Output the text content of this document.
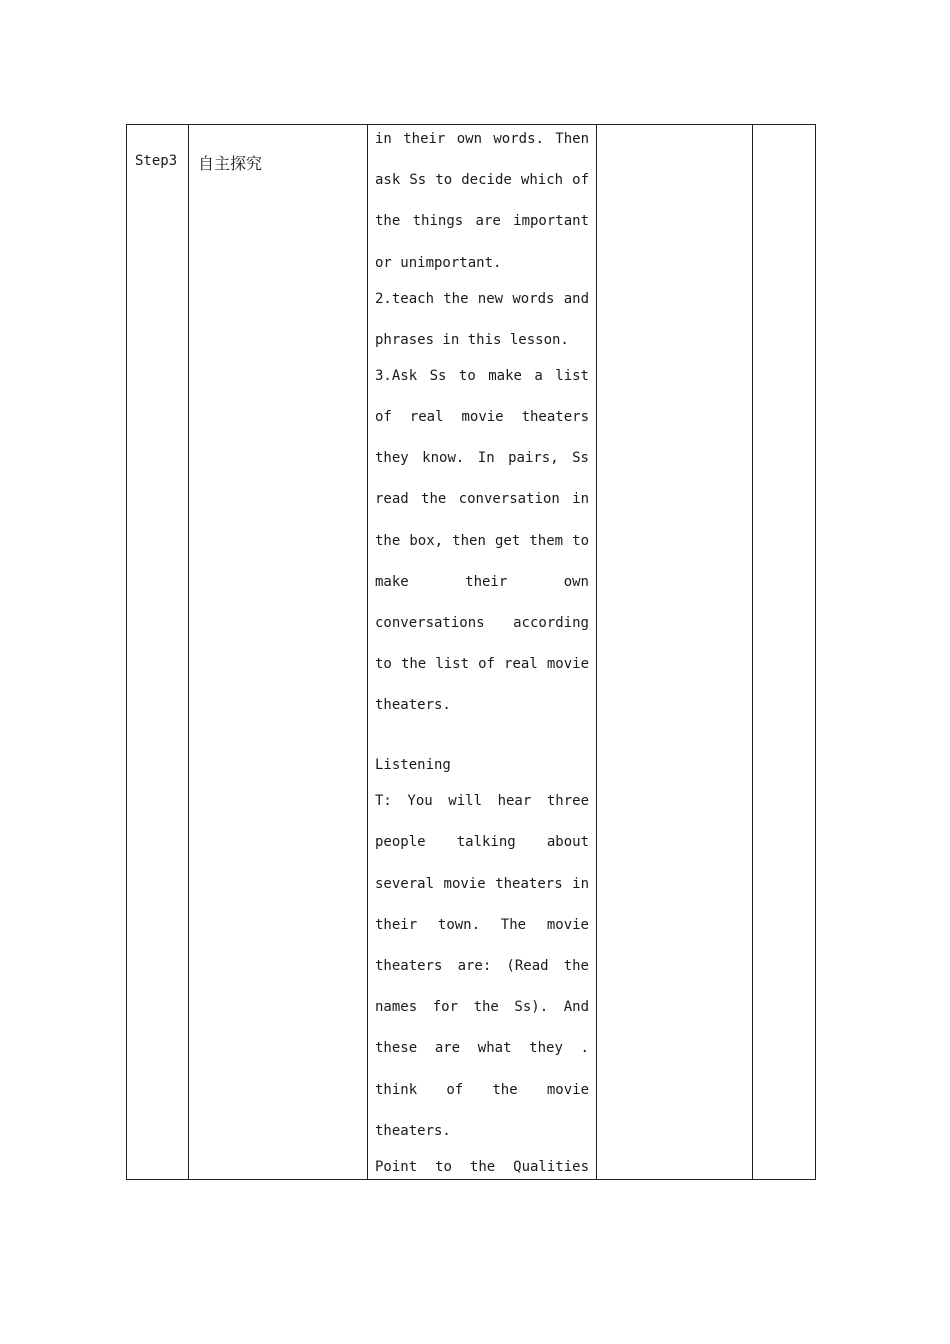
Step3 自主探究
in their own words. Then
ask Ss to decide which of
the things are important
or unimportant.
2.teach the new words and
phrases in this lesson.
3.Ask Ss to make a list
of real movie theaters
they know. In pairs, Ss
read the conversation in
the box, then get them to
make their own
conversations according
to the list of real movie
theaters.
Listening
T: You will hear three
people talking about
several movie theaters in
their town. The movie
theaters are: (Read the
names for the Ss). And
these are what they .
think of the movie
theaters.
Point to the Qualities
